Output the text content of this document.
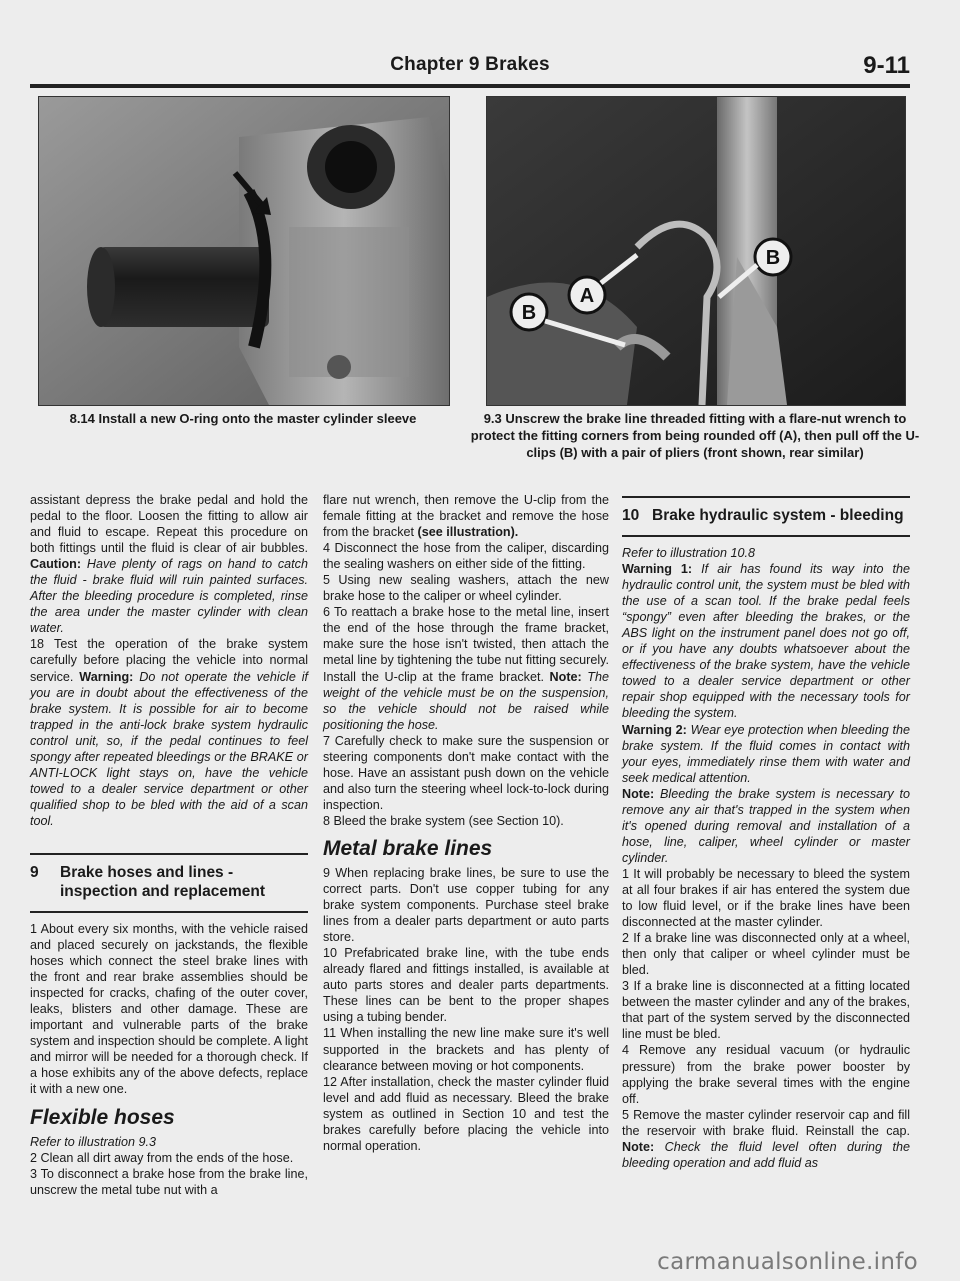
Chapter 9 Brakes	9-11
B
B
A
8.14 Install a new O-ring onto the master cylinder sleeve	9.3 Unscrew the brake line threaded fitting with a flare-nut wrench to protect the fitting corners from being rounded off (A), then pull off the U-clips (B) with a pair of pliers (front shown, rear similar)

assistant depress the brake pedal and hold the pedal to the floor. Loosen the fitting to allow air and fluid to escape. Repeat this procedure on both fittings until the fluid is clear of air bubbles. Caution: Have plenty of rags on hand to catch the fluid - brake fluid will ruin painted surfaces. After the bleeding procedure is completed, rinse the area under the master cylinder with clean water.

18 Test the operation of the brake system carefully before placing the vehicle into normal service. Warning: Do not operate the vehicle if you are in doubt about the effectiveness of the brake system. It is possible for air to become trapped in the anti-lock brake system hydraulic control unit, so, if the pedal continues to feel spongy after repeated bleedings or the BRAKE or ANTI-LOCK light stays on, have the vehicle towed to a dealer service department or other qualified shop to be bled with the aid of a scan tool.

9	Brake hoses and lines - inspection and replacement

1 About every six months, with the vehicle raised and placed securely on jackstands, the flexible hoses which connect the steel brake lines with the front and rear brake assemblies should be inspected for cracks, chafing of the outer cover, leaks, blisters and other damage. These are important and vulnerable parts of the brake system and inspection should be complete. A light and mirror will be needed for a thorough check. If a hose exhibits any of the above defects, replace it with a new one.

Flexible hoses

Refer to illustration 9.3

2 Clean all dirt away from the ends of the hose.

3 To disconnect a brake hose from the brake line, unscrew the metal tube nut with a

flare nut wrench, then remove the U-clip from the female fitting at the bracket and remove the hose from the bracket (see illustration).

4 Disconnect the hose from the caliper, discarding the sealing washers on either side of the fitting.

5 Using new sealing washers, attach the new brake hose to the caliper or wheel cylinder.

6 To reattach a brake hose to the metal line, insert the end of the hose through the frame bracket, make sure the hose isn't twisted, then attach the metal line by tightening the tube nut fitting securely. Install the U-clip at the frame bracket. Note: The weight of the vehicle must be on the suspension, so the vehicle should not be raised while positioning the hose.

7 Carefully check to make sure the suspension or steering components don't make contact with the hose. Have an assistant push down on the vehicle and also turn the steering wheel lock-to-lock during inspection.

8 Bleed the brake system (see Section 10).

Metal brake lines

9 When replacing brake lines, be sure to use the correct parts. Don't use copper tubing for any brake system components. Purchase steel brake lines from a dealer parts department or auto parts store.

10 Prefabricated brake line, with the tube ends already flared and fittings installed, is available at auto parts stores and dealer parts departments. These lines can be bent to the proper shapes using a tubing bender.

11 When installing the new line make sure it's well supported in the brackets and has plenty of clearance between moving or hot components.

12 After installation, check the master cylinder fluid level and add fluid as necessary. Bleed the brake system as outlined in Section 10 and test the brakes carefully before placing the vehicle into normal operation.

10 Brake hydraulic system - bleeding

Refer to illustration 10.8

Warning 1: If air has found its way into the hydraulic control unit, the system must be bled with the use of a scan tool. If the brake pedal feels “spongy” even after bleeding the brakes, or the ABS light on the instrument panel does not go off, or if you have any doubts whatsoever about the effectiveness of the brake system, have the vehicle towed to a dealer service department or other repair shop equipped with the necessary tools for bleeding the system.

Warning 2: Wear eye protection when bleeding the brake system. If the fluid comes in contact with your eyes, immediately rinse them with water and seek medical attention.

Note: Bleeding the brake system is necessary to remove any air that's trapped in the system when it's opened during removal and installation of a hose, line, caliper, wheel cylinder or master cylinder.

1 It will probably be necessary to bleed the system at all four brakes if air has entered the system due to low fluid level, or if the brake lines have been disconnected at the master cylinder.

2 If a brake line was disconnected only at a wheel, then only that caliper or wheel cylinder must be bled.

3 If a brake line is disconnected at a fitting located between the master cylinder and any of the brakes, that part of the system served by the disconnected line must be bled.

4 Remove any residual vacuum (or hydraulic pressure) from the brake power booster by applying the brake several times with the engine off.

5 Remove the master cylinder reservoir cap and fill the reservoir with brake fluid. Reinstall the cap. Note: Check the fluid level often during the bleeding operation and add fluid as

carmanualsonline.info
